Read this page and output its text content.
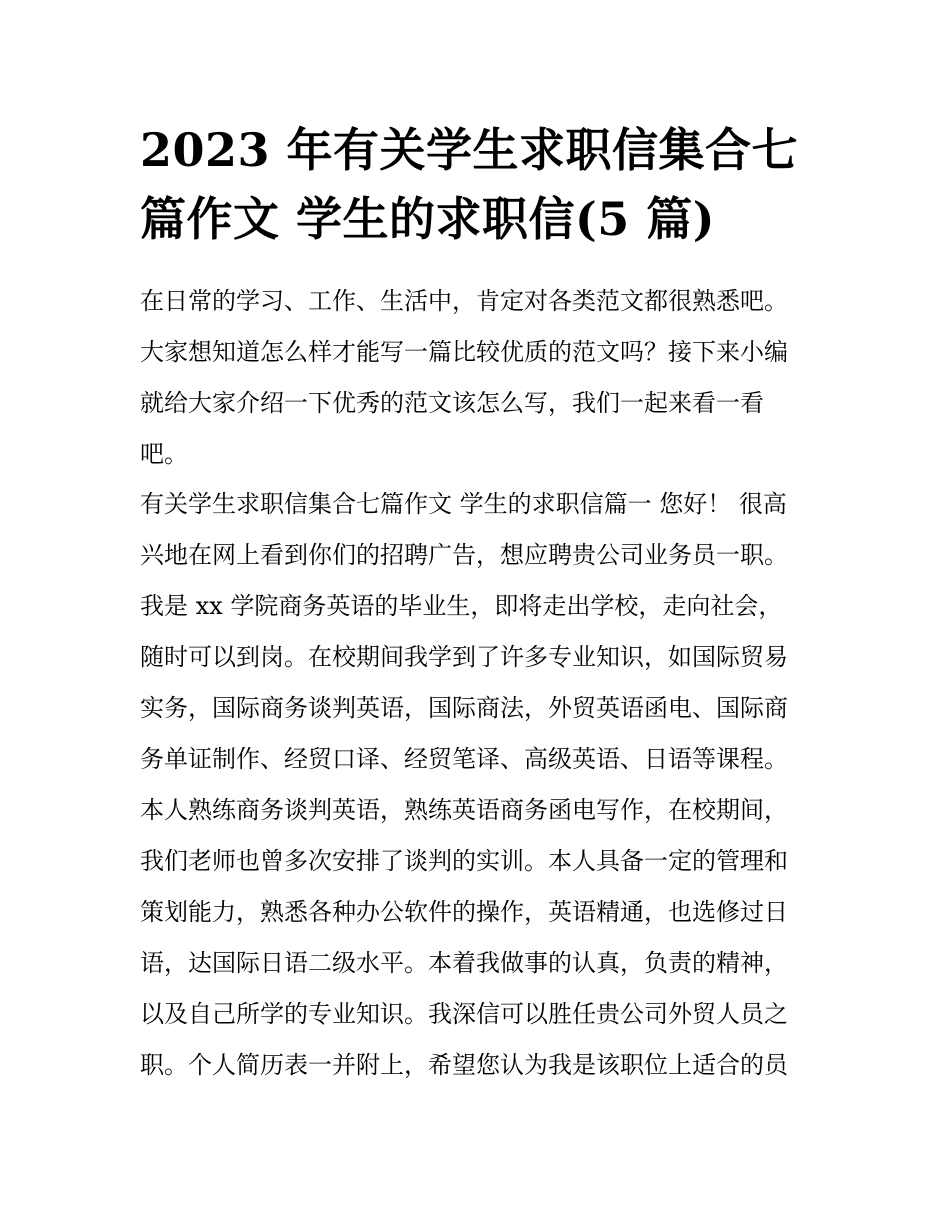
2023 年有关学生求职信集合七
篇作文 学生的求职信(5 篇)

在日常的学习、工作、生活中，肯定对各类范文都很熟悉吧。
大家想知道怎么样才能写一篇比较优质的范文吗？接下来小编
就给大家介绍一下优秀的范文该怎么写，我们一起来看一看
吧。

有关学生求职信集合七篇作文 学生的求职信篇一 您好！ 很高
兴地在网上看到你们的招聘广告，想应聘贵公司业务员一职。
我是 xx 学院商务英语的毕业生，即将走出学校，走向社会，
随时可以到岗。在校期间我学到了许多专业知识，如国际贸易
实务，国际商务谈判英语，国际商法，外贸英语函电、国际商
务单证制作、经贸口译、经贸笔译、高级英语、日语等课程。
本人熟练商务谈判英语，熟练英语商务函电写作，在校期间，
我们老师也曾多次安排了谈判的实训。本人具备一定的管理和
策划能力，熟悉各种办公软件的操作，英语精通，也选修过日
语，达国际日语二级水平。本着我做事的认真，负责的精神，
以及自己所学的专业知识。我深信可以胜任贵公司外贸人员之
职。个人简历表一并附上，希望您认为我是该职位上适合的员
